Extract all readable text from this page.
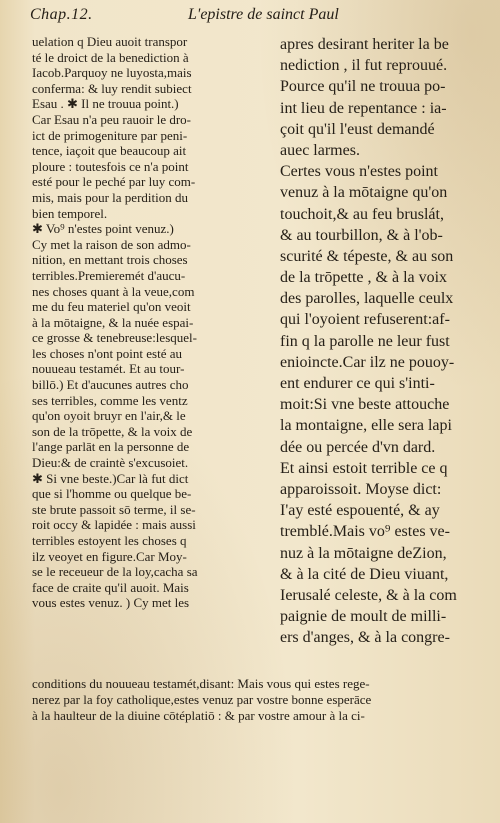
Chap.12.	L'epistre de sainct Paul
uelation q Dieu auoit transpor
té le droict de la benediction à
Iacob.Parquoy ne luyosta,mais
conferma: & luy rendit subiect
Esau . ✱ Il ne trouua point.)
Car Esau n'a peu rauoir le dro-
ict de primogeniture par peni-
tence, iaçoit que beaucoup ait
ploure : toutesfois ce n'a point
esté pour le peché par luy com-
mis, mais pour la perdition du
bien temporel.
✱ Vo⁹ n'estes point venuz.)
Cy met la raison de son admo-
nition, en mettant trois choses
terribles.Premieremét d'aucu-
nes choses quant à la veue,com
me du feu materiel qu'on veoit
à la mōtaigne, & la nuée espai-
ce grosse & tenebreuse:lesquel-
les choses n'ont point esté au
nouueau testamét. Et au tour-
billō.) Et d'aucunes autres cho
ses terribles, comme les ventz
qu'on oyoit bruyr en l'air,& le
son de la trōpette, & la voix de
l'ange parlāt en la personne de
Dieu:& de craintè s'excusoiet.
✱ Si vne beste.)Car là fut dict
que si l'homme ou quelque be-
ste brute passoit sō terme, il se-
roit occy & lapidée : mais aussi
terribles estoyent les choses q
ilz veoyet en figure.Car Moy-
se le receueur de la loy,cacha sa
face de craite qu'il auoit. Mais
vous estes venuz. ) Cy met les
apres desirant heriter la be
nediction , il fut reprouué.
Pource qu'il ne trouua po-
int lieu de repentance : ia-
çoit qu'il l'eust demandé
auec larmes.
Certes vous n'estes point
venuz à la mōtaigne qu'on
touchoit,& au feu bruslát,
& au tourbillon, & à l'ob-
scurité & tépeste, & au son
de la trōpette , & à la voix
des parolles, laquelle ceulx
qui l'oyoient refuserent:af-
fin q la parolle ne leur fust
enioincte.Car ilz ne pouoy-
ent endurer ce qui s'inti-
moit:Si vne beste attouche
la montaigne, elle sera lapi
dée ou percée d'vn dard.
Et ainsi estoit terrible ce q
apparoissoit. Moyse dict:
I'ay esté espouenté, & ay
tremblé.Mais vo⁹ estes ve-
nuz à la mōtaigne deZion,
& à la cité de Dieu viuant,
Ierusalé celeste, & à la com
paignie de moult de milli-
ers d'anges, & à la congre-
conditions du nouueau testamét,disant: Mais vous qui estes rege-
nerez par la foy catholique,estes venuz par vostre bonne esperāce
à la haulteur de la diuine cōtéplatiō : & par vostre amour à la ci-
